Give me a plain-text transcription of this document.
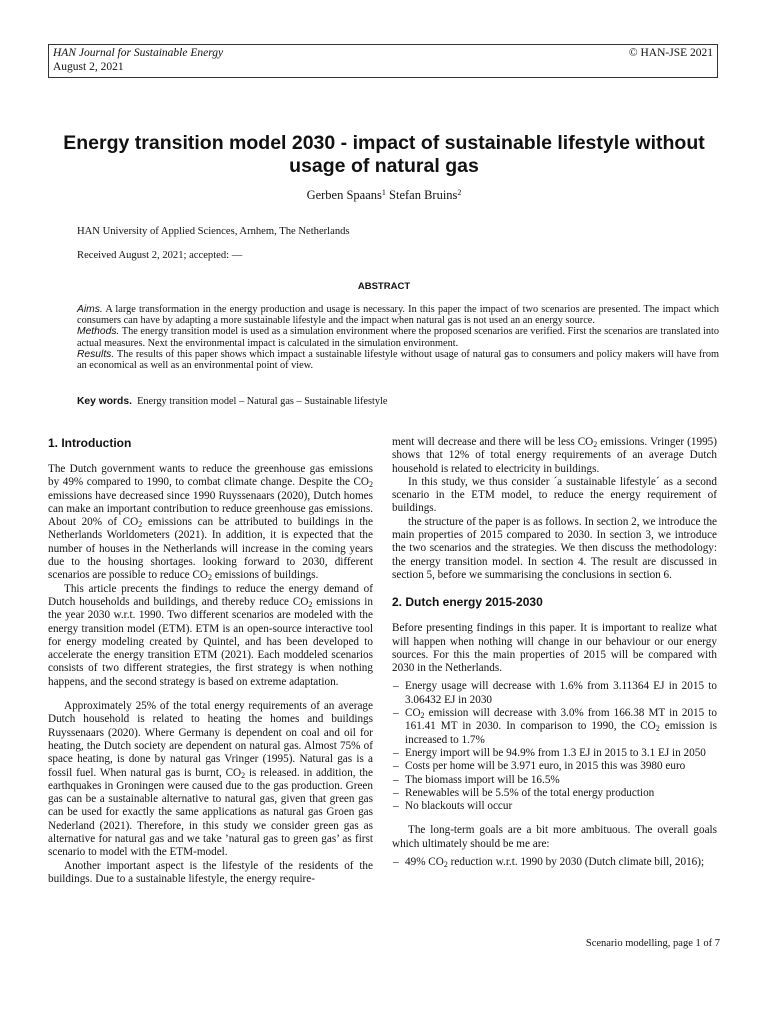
HAN Journal for Sustainable Energy
August 2, 2021
© HAN-JSE 2021
Energy transition model 2030 - impact of sustainable lifestyle without usage of natural gas
Gerben Spaans$^1$ Stefan Bruins$^2$
HAN University of Applied Sciences, Arnhem, The Netherlands
Received August 2, 2021; accepted: —
ABSTRACT

Aims. A large transformation in the energy production and usage is necessary. In this paper the impact of two scenarios are presented. The impact which consumers can have by adapting a more sustainable lifestyle and the impact when natural gas is not used an an energy source.

Methods. The energy transition model is used as a simulation environment where the proposed scenarios are verified. First the scenarios are translated into actual measures. Next the environmental impact is calculated in the simulation environment.

Results. The results of this paper shows which impact a sustainable lifestyle without usage of natural gas to consumers and policy makers will have from an economical as well as an environmental point of view.

Key words. Energy transition model – Natural gas – Sustainable lifestyle
1. Introduction

The Dutch government wants to reduce the greenhouse gas emissions by 49% compared to 1990, to combat climate change. Despite the $CO_2$ emissions have decreased since 1990 Ruyssenaars (2020), Dutch homes can make an important contribution to reduce greenhouse gas emissions. About 20% of $CO_2$ emissions can be attributed to buildings in the Netherlands Worldometers (2021). In addition, it is expected that the number of houses in the Netherlands will increase in the coming years due to the housing shortages. looking forward to 2030, different scenarios are possible to reduce $CO_2$ emissions of buildings.

This article precents the findings to reduce the energy demand of Dutch households and buildings, and thereby reduce $CO_2$ emissions in the year 2030 w.r.t. 1990. Two different scenarios are modeled with the energy transition model (ETM). ETM is an open-source interactive tool for energy modeling created by Quintel, and has been developed to accelerate the energy transition ETM (2021). Each moddeled scenarios consists of two different strategies, the first strategy is when nothing happens, and the second strategy is based on extreme adaptation.

Approximately 25% of the total energy requirements of an average Dutch household is related to heating the homes and buildings Ruyssenaars (2020). Where Germany is dependent on coal and oil for heating, the Dutch society are dependent on natural gas. Almost 75% of space heating, is done by natural gas Vringer (1995). Natural gas is a fossil fuel. When natural gas is burnt, $CO_2$ is released. in addition, the earthquakes in Groningen were caused due to the gas production. Green gas can be a sustainable alternative to natural gas, given that green gas can be used for exactly the same applications as natural gas Groen gas Nederland (2021). Therefore, in this study we consider green gas as alternative for natural gas and we take ’natural gas to green gas’ as first scenario to model with the ETM-model.

Another important aspect is the lifestyle of the residents of the buildings. Due to a sustainable lifestyle, the energy require-

ment will decrease and there will be less $CO_2$ emissions. Vringer (1995) shows that 12% of total energy requirements of an average Dutch household is related to electricity in buildings.

In this study, we thus consider ´a sustainable lifestyle´ as a second scenario in the ETM model, to reduce the energy requirement of buildings.

the structure of the paper is as follows. In section 2, we introduce the main properties of 2015 compared to 2030. In section 3, we introduce the two scenarios and the strategies. We then discuss the methodology: the energy transition model. In section 4. The result are discussed in section 5, before we summarising the conclusions in section 6.

2. Dutch energy 2015-2030

Before presenting findings in this paper. It is important to realize what will happen when nothing will change in our behaviour or our energy sources. For this the main properties of 2015 will be compared with 2030 in the Netherlands.

– Energy usage will decrease with 1.6% from 3.11364 EJ in 2015 to 3.06432 EJ in 2030
– $CO_2$ emission will decrease with 3.0% from 166.38 MT in 2015 to 161.41 MT in 2030. In comparison to 1990, the $CO_2$ emission is increased to 1.7%
– Energy import will be 94.9% from 1.3 EJ in 2015 to 3.1 EJ in 2050
– Costs per home will be 3.971 euro, in 2015 this was 3980 euro
– The biomass import will be 16.5%
– Renewables will be 5.5% of the total energy production
– No blackouts will occur

The long-term goals are a bit more ambituous. The overall goals which ultimately should be me are:

– 49% $CO_2$ reduction w.r.t. 1990 by 2030 (Dutch climate bill, 2016);
Scenario modelling, page 1 of 7
